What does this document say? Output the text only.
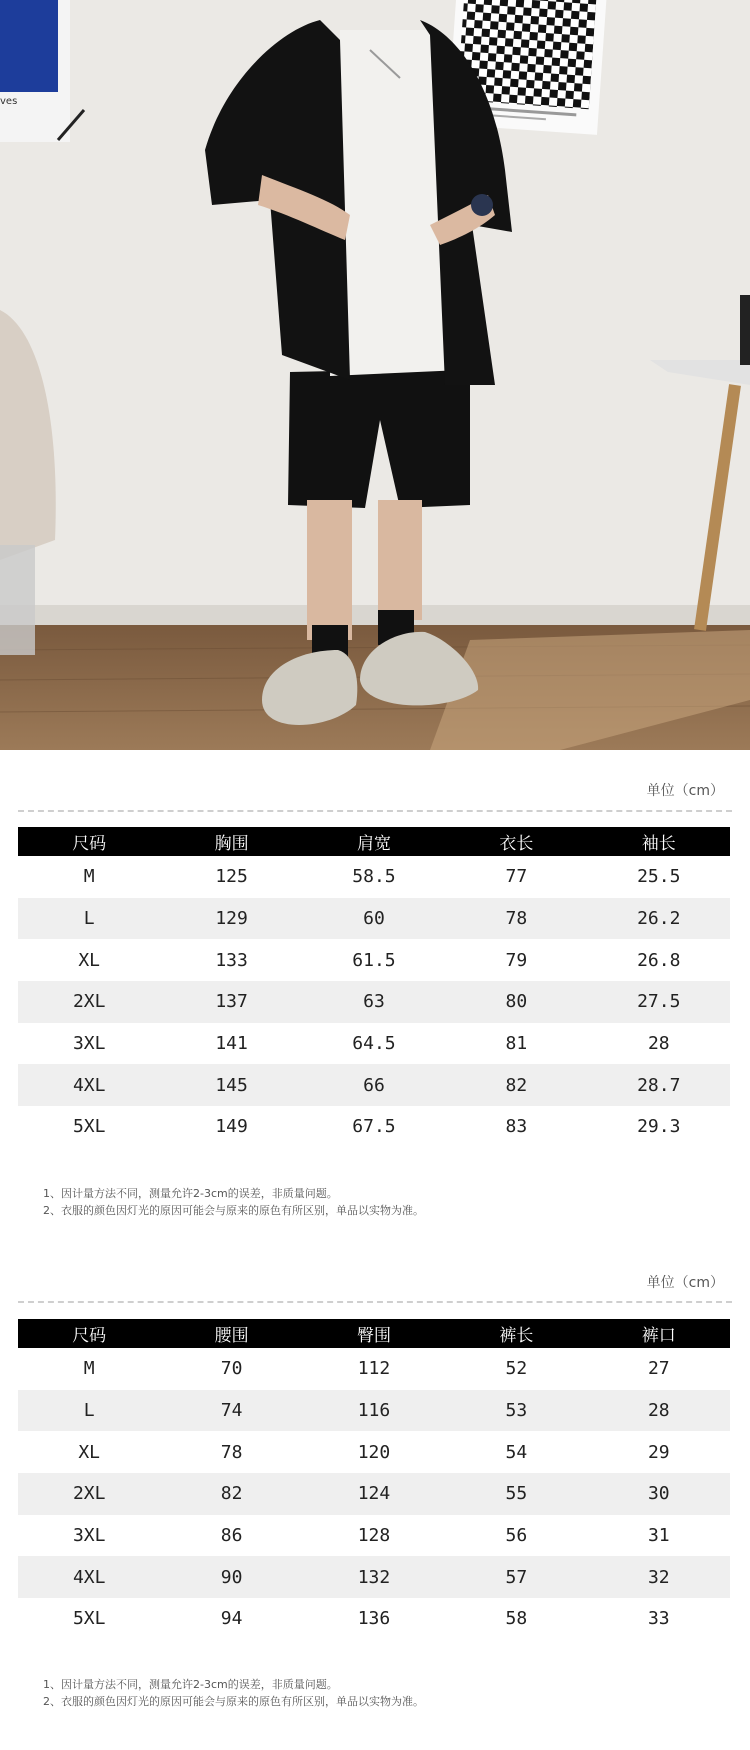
ves
单位（cm）
尺码	胸围	肩宽	衣长	袖长
M	125	58.5	77	25.5
L	129	60	78	26.2
XL	133	61.5	79	26.8
2XL	137	63	80	27.5
3XL	141	64.5	81	28
4XL	145	66	82	28.7
5XL	149	67.5	83	29.3
1、因计量方法不同，测量允许2-3cm的误差，非质量问题。
2、衣服的颜色因灯光的原因可能会与原来的原色有所区别，单品以实物为准。
单位（cm）
尺码	腰围	臀围	裤长	裤口
M	70	112	52	27
L	74	116	53	28
XL	78	120	54	29
2XL	82	124	55	30
3XL	86	128	56	31
4XL	90	132	57	32
5XL	94	136	58	33
1、因计量方法不同，测量允许2-3cm的误差，非质量问题。
2、衣服的颜色因灯光的原因可能会与原来的原色有所区别，单品以实物为准。
